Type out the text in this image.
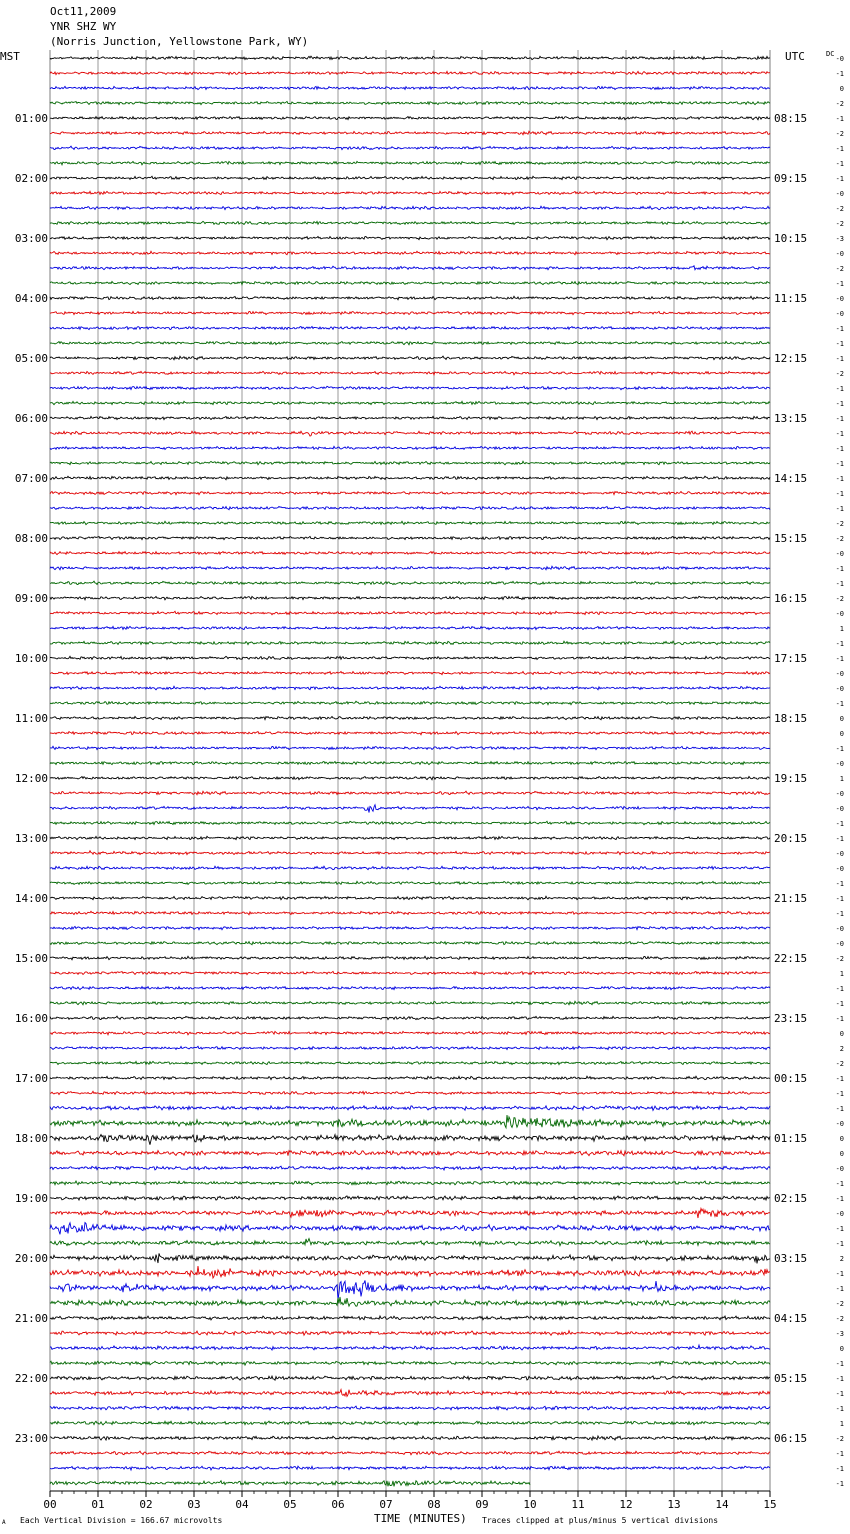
Oct11,2009
YNR SHZ WY
(Norris Junction, Yellowstone Park, WY)
MST	UTC	DC
00	01	02	03	04	05	06	07	08	09	10	11	12	13	14	15
01:00
02:00
03:00
04:00
05:00
06:00
07:00
08:00
09:00
10:00
11:00
12:00
13:00
14:00
15:00
16:00
17:00
18:00
19:00
20:00
21:00
22:00
23:00
08:15
09:15
10:15
11:15
12:15
13:15
14:15
15:15
16:15
17:15
18:15
19:15
20:15
21:15
22:15
23:15
00:15
01:15
02:15
03:15
04:15
05:15
06:15
-0
-1
0
-2
-1
-2
-1
-1
-1
-0
-2
-2
-3
-0
-2
-1
-0
-0
-1
-1
-1
-2
-1
-1
-1
-1
-1
-1
-1
-1
-1
-2
-2
-0
-1
-1
-2
-0
1
-1
-1
-0
-0
-1
0
0
-1
-0
1
-0
-0
-1
-1
-0
-0
-1
-1
-1
-0
-0
-2
1
-1
-1
-1
0
2
-2
-1
-1
-1
-0
0
0
-0
-1
-1
-0
-1
-1
2
-1
-1
-2
-2
-3
0
-1
-1
-1
-1
1
-2
-1
-1
-1
TIME (MINUTES)
A Each Vertical Division = 166.67 microvolts	Traces clipped at plus/minus 5 vertical divisions
